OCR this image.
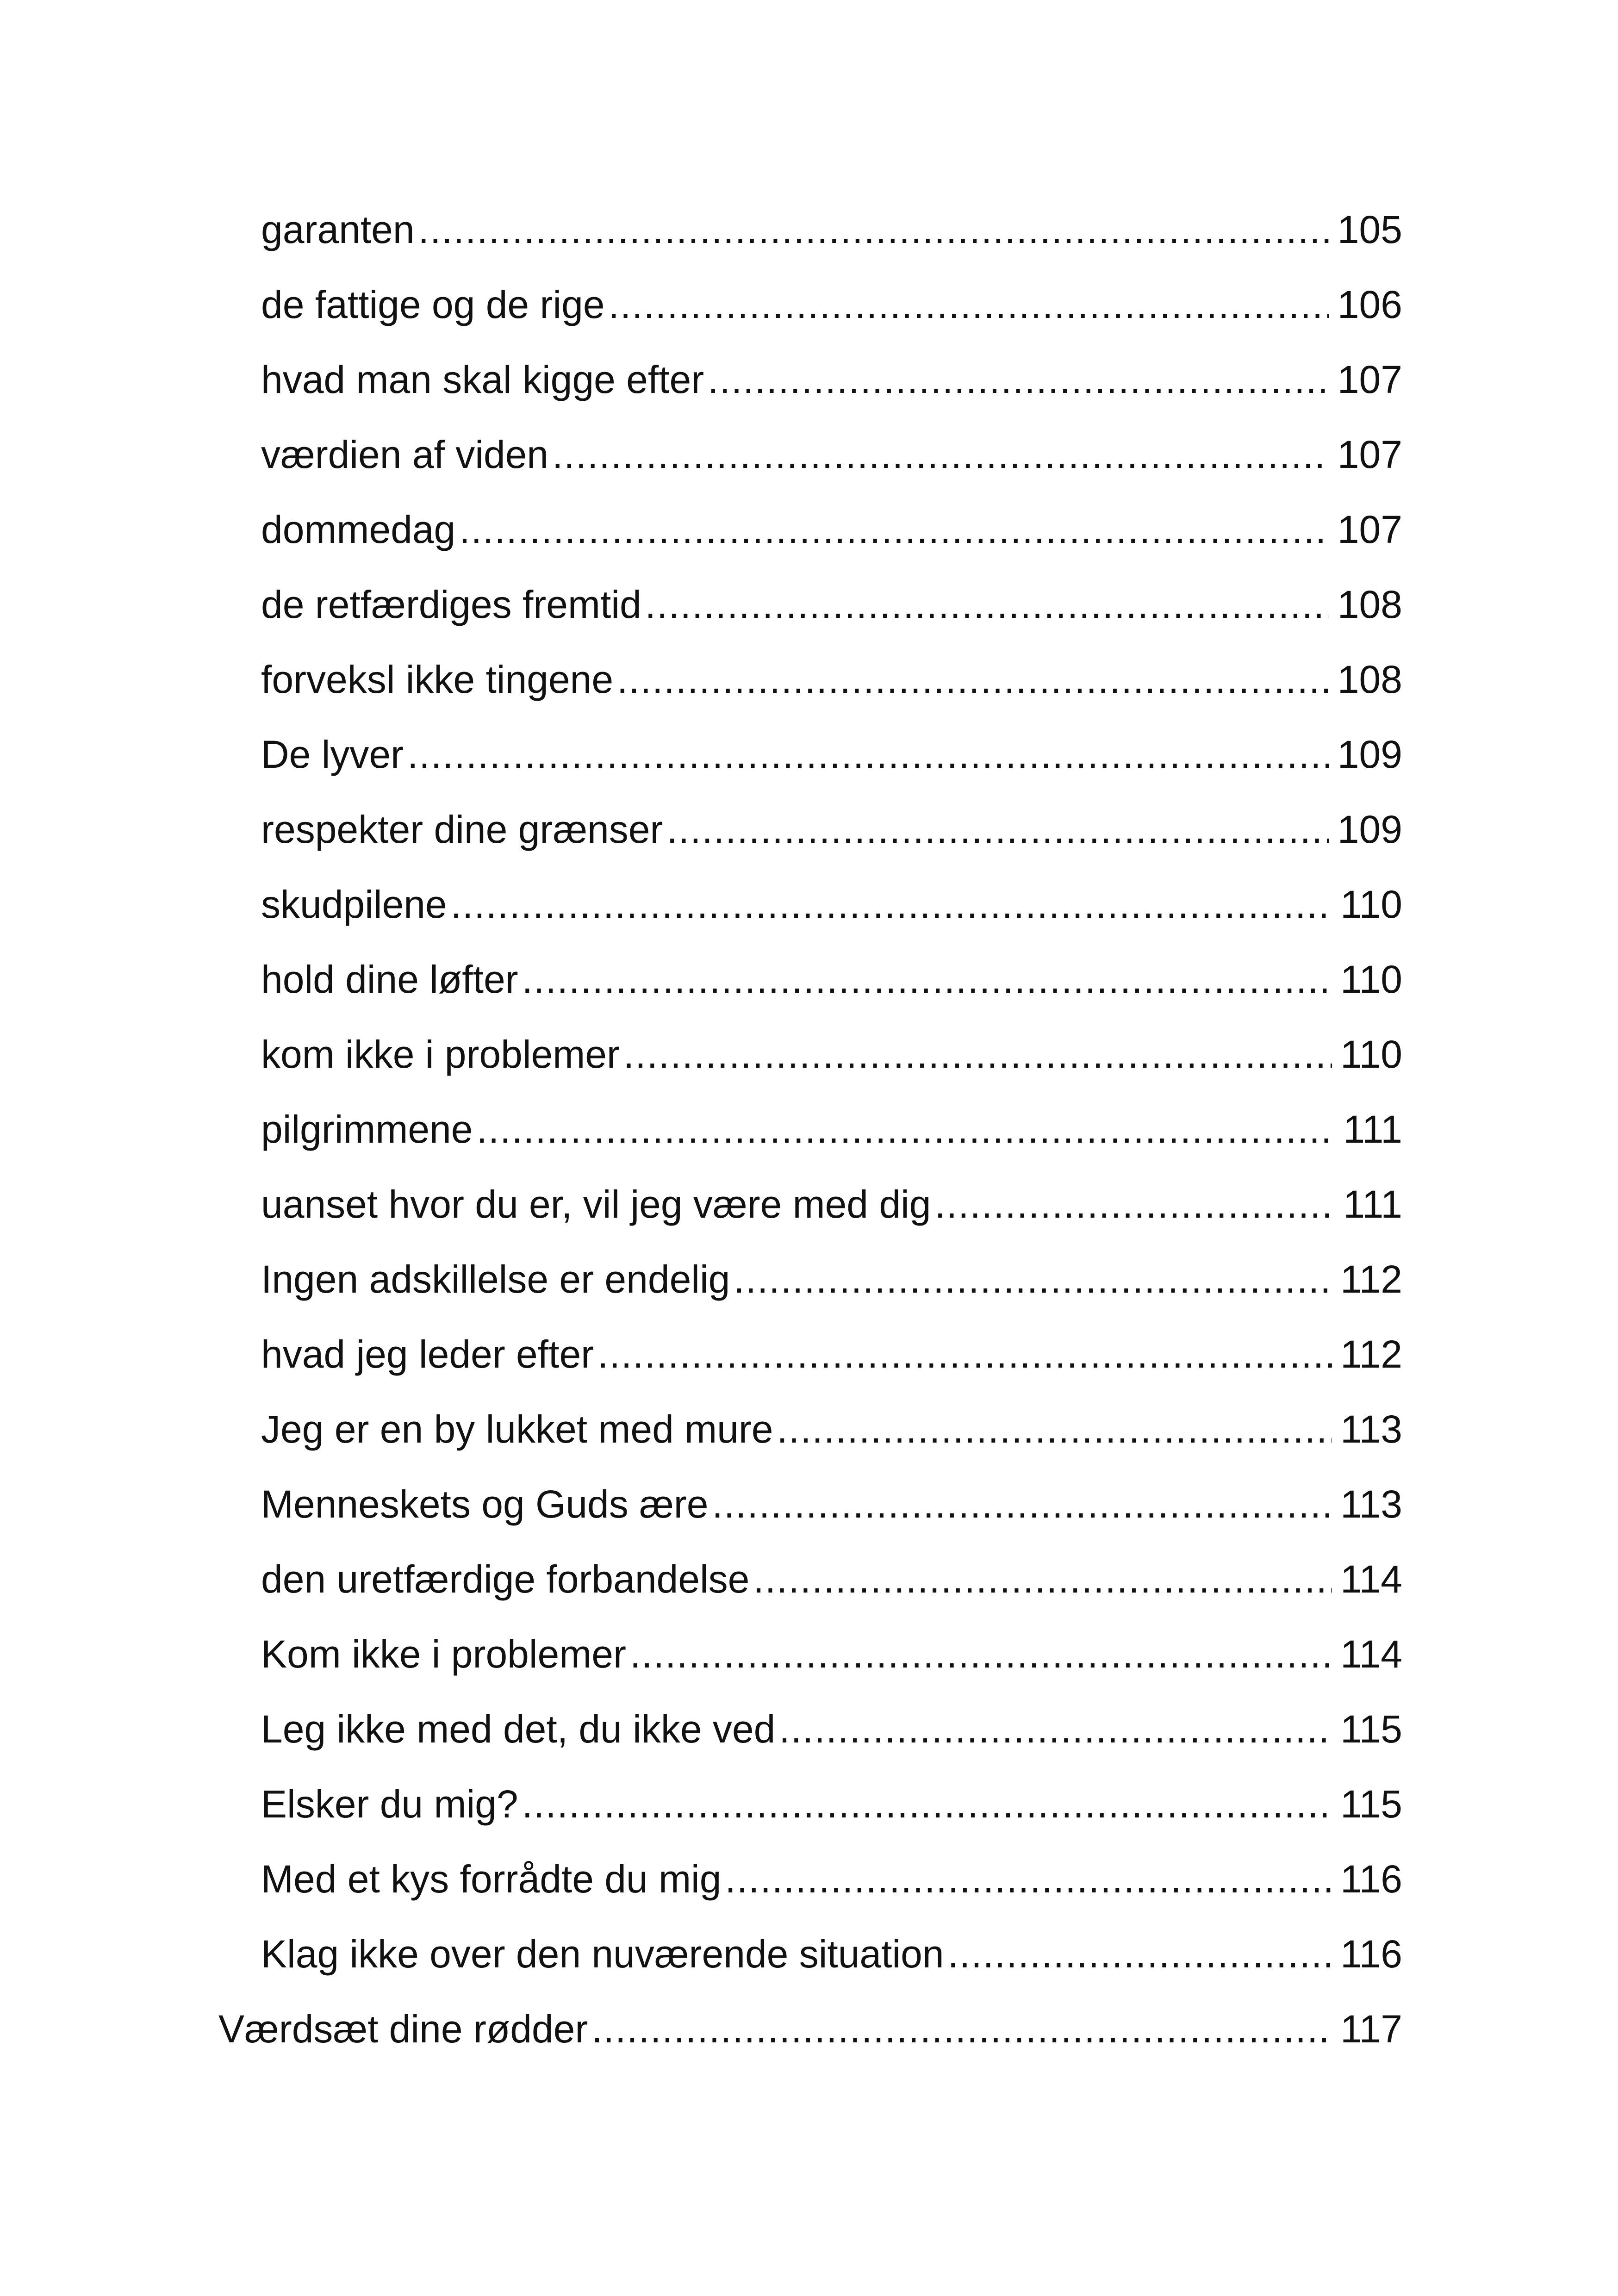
garanten .....	105
de fattige og de rige .....	106
hvad man skal kigge efter .....	107
værdien af viden .....	107
dommedag .....	107
de retfærdiges fremtid .....	108
forveksl ikke tingene .....	108
De lyver .....	109
respekter dine grænser .....	109
skudpilene .....	110
hold dine løfter .....	110
kom ikke i problemer .....	110
pilgrimmene .....	111
uanset hvor du er, vil jeg være med dig .....	111
Ingen adskillelse er endelig .....	112
hvad jeg leder efter .....	112
Jeg er en by lukket med mure .....	113
Menneskets og Guds ære .....	113
den uretfærdige forbandelse .....	114
Kom ikke i problemer .....	114
Leg ikke med det, du ikke ved .....	115
Elsker du mig? .....	115
Med et kys forrådte du mig .....	116
Klag ikke over den nuværende situation .....	116
Værdsæt dine rødder .....	117
